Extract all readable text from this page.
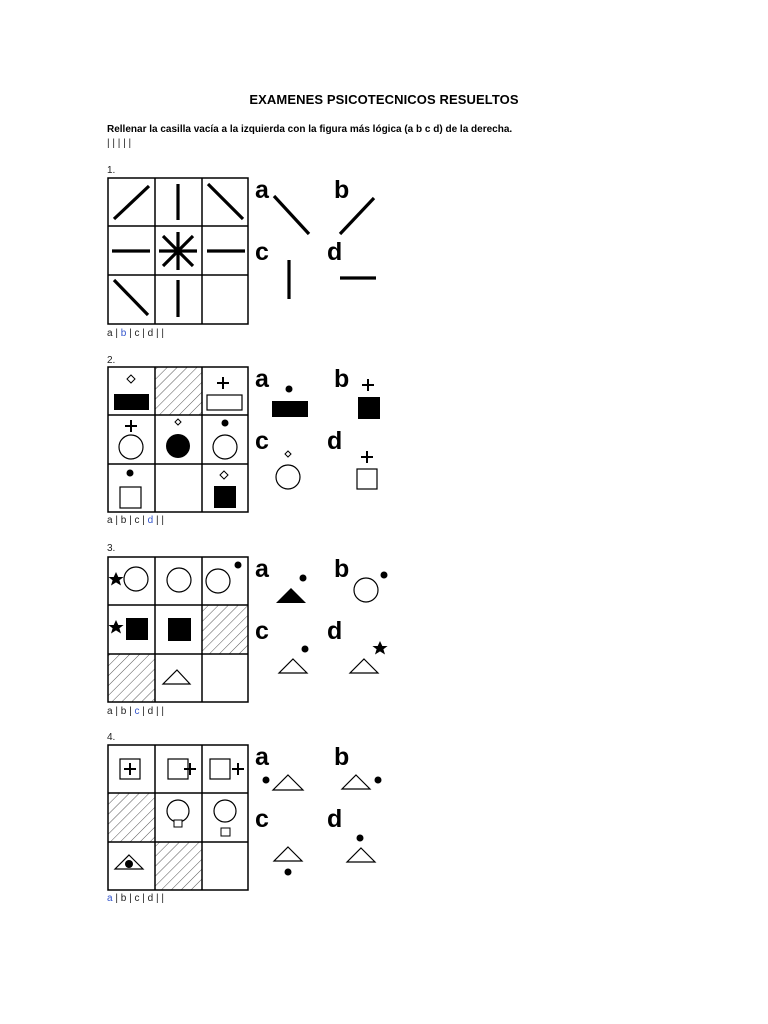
EXAMENES PSICOTECNICOS RESUELTOS
Rellenar la casilla vacía a la izquierda con la figura más lógica (a b c d) de la derecha.
| | | | |
1.
a	b
c d
a | b | c | d | |
2.
a	b
c d
a | b | c | d | |
3.
a	b
c d
a | b | c | d | |
4.
a	b
c d
a | b | c | d | |
